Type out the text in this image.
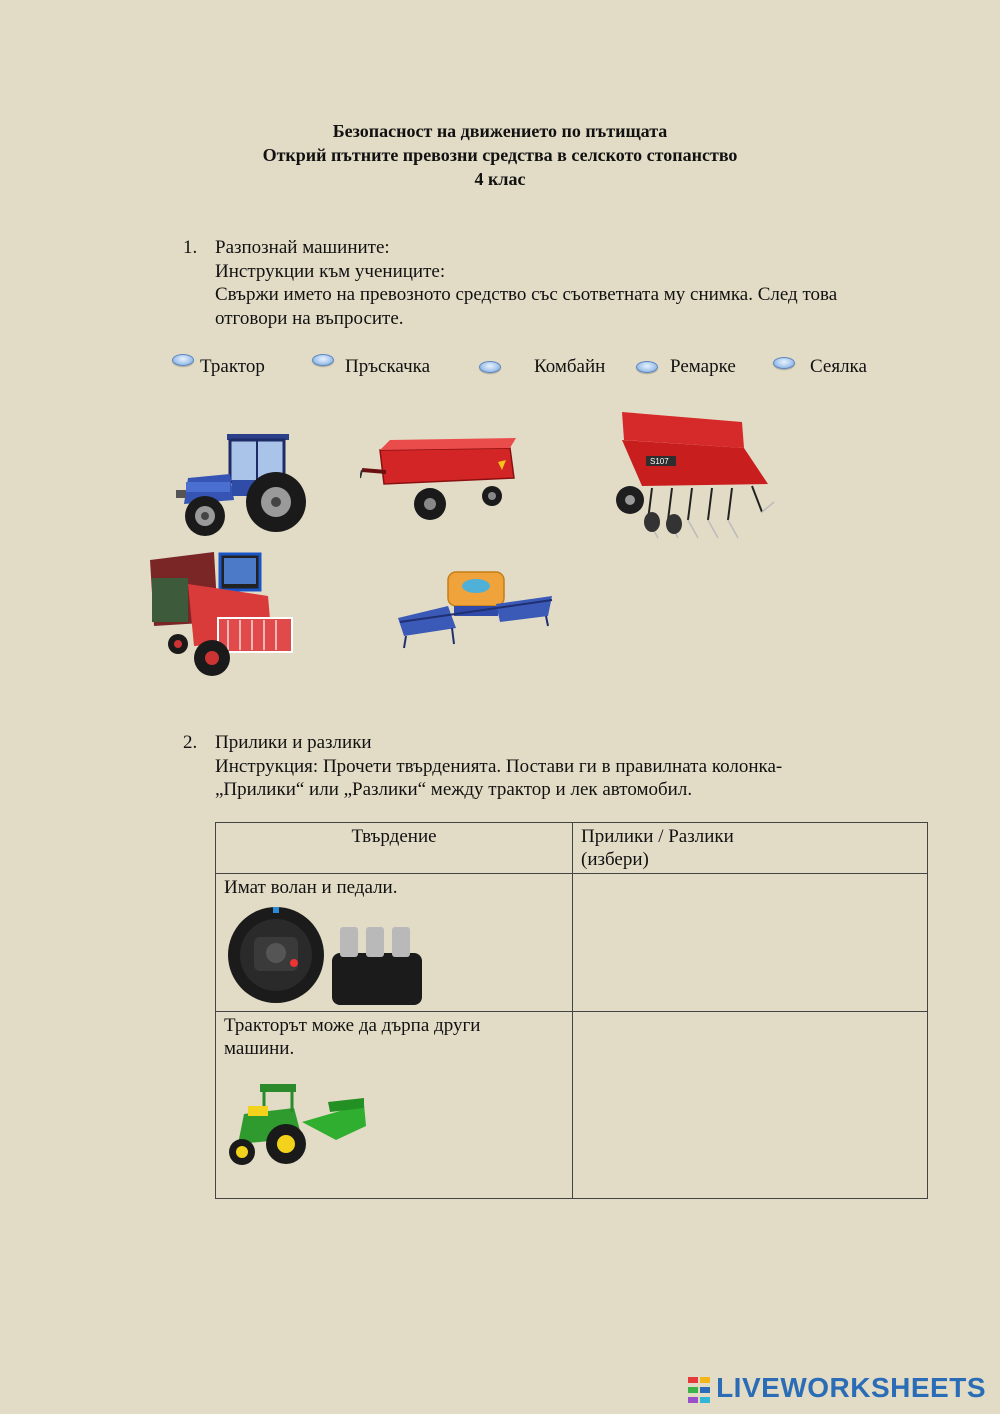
Безопасност на движението по пътищата
Открий пътните превозни средства в селското стопанство
4 клас
1. Разпознай машините:
Инструкции към учениците:
Свържи името на превозното средство със съответната му снимка. След това
отговори на въпросите.
Трактор	Пръскачка	Комбайн	Ремарке	Сеялка
S107
2. Прилики и разлики
Инструкция: Прочети твърденията. Постави ги в правилната колонка-
„Прилики“ или „Разлики“ между трактор и лек автомобил.
Твърдение	Прилики / Разлики
(избери)

Имат волан и педали.	

Тракторът може да дърпа други
машини.	

LIVEWORKSHEETS
